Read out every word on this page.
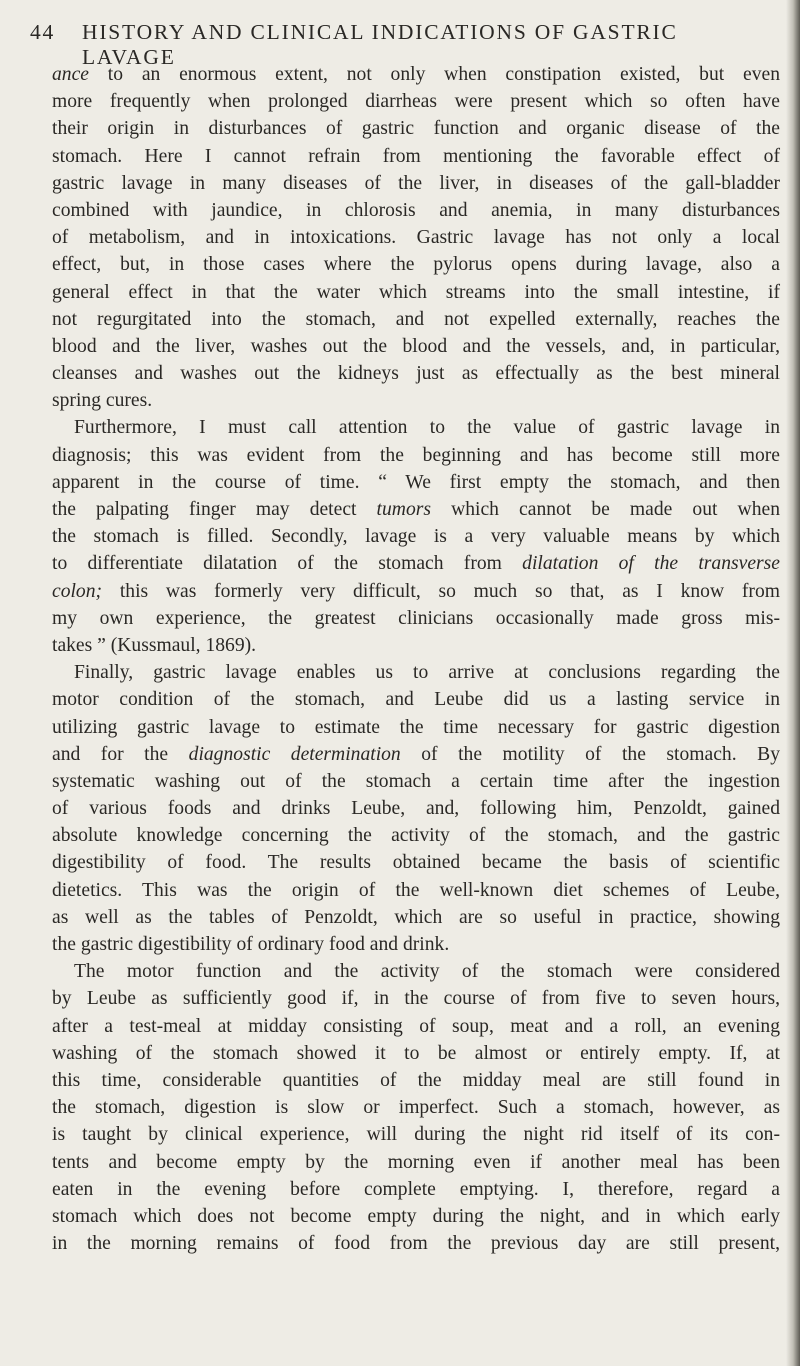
44	HISTORY AND CLINICAL INDICATIONS OF GASTRIC LAVAGE
ance to an enormous extent, not only when constipation existed, but even
more frequently when prolonged diarrheas were present which so often have
their origin in disturbances of gastric function and organic disease of the
stomach. Here I cannot refrain from mentioning the favorable effect of
gastric lavage in many diseases of the liver, in diseases of the gall-bladder
combined with jaundice, in chlorosis and anemia, in many disturbances
of metabolism, and in intoxications. Gastric lavage has not only a local
effect, but, in those cases where the pylorus opens during lavage, also a
general effect in that the water which streams into the small intestine, if
not regurgitated into the stomach, and not expelled externally, reaches the
blood and the liver, washes out the blood and the vessels, and, in particular,
cleanses and washes out the kidneys just as effectually as the best mineral
spring cures.
Furthermore, I must call attention to the value of gastric lavage in
diagnosis; this was evident from the beginning and has become still more
apparent in the course of time. “ We first empty the stomach, and then
the palpating finger may detect tumors which cannot be made out when
the stomach is filled. Secondly, lavage is a very valuable means by which
to differentiate dilatation of the stomach from dilatation of the transverse
colon; this was formerly very difficult, so much so that, as I know from
my own experience, the greatest clinicians occasionally made gross mis-
takes ” (Kussmaul, 1869).
Finally, gastric lavage enables us to arrive at conclusions regarding the
motor condition of the stomach, and Leube did us a lasting service in
utilizing gastric lavage to estimate the time necessary for gastric digestion
and for the diagnostic determination of the motility of the stomach. By
systematic washing out of the stomach a certain time after the ingestion
of various foods and drinks Leube, and, following him, Penzoldt, gained
absolute knowledge concerning the activity of the stomach, and the gastric
digestibility of food. The results obtained became the basis of scientific
dietetics. This was the origin of the well-known diet schemes of Leube,
as well as the tables of Penzoldt, which are so useful in practice, showing
the gastric digestibility of ordinary food and drink.
The motor function and the activity of the stomach were considered
by Leube as sufficiently good if, in the course of from five to seven hours,
after a test-meal at midday consisting of soup, meat and a roll, an evening
washing of the stomach showed it to be almost or entirely empty. If, at
this time, considerable quantities of the midday meal are still found in
the stomach, digestion is slow or imperfect. Such a stomach, however, as
is taught by clinical experience, will during the night rid itself of its con-
tents and become empty by the morning even if another meal has been
eaten in the evening before complete emptying. I, therefore, regard a
stomach which does not become empty during the night, and in which early
in the morning remains of food from the previous day are still present,
